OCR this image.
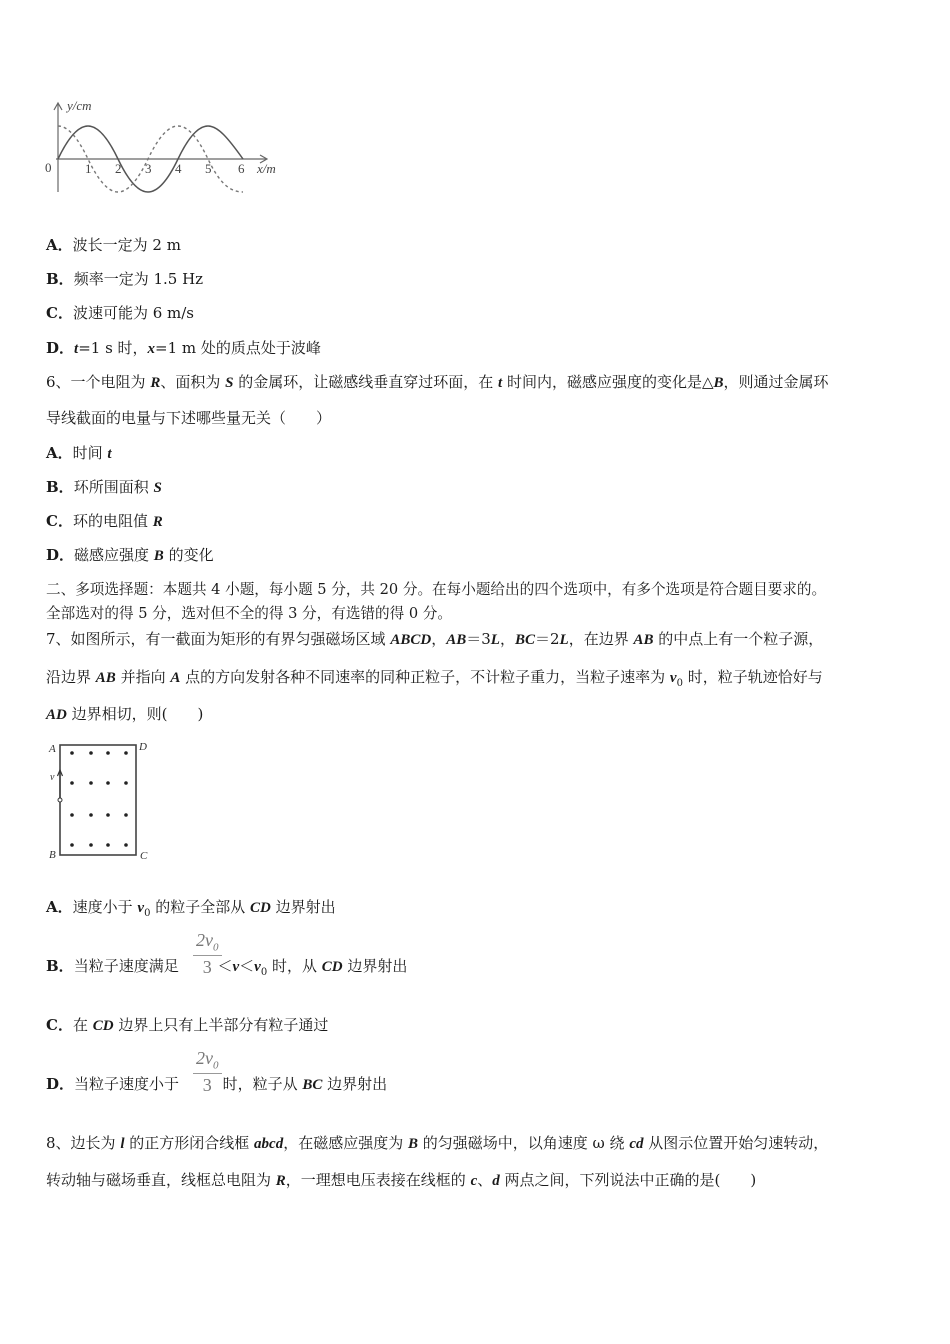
y/cm
0	1 2 3 4 5 6 x/m
A．波长一定为 2 m
B．频率一定为 1.5 Hz
C．波速可能为 6 m/s
D．t=1 s 时，x=1 m 处的质点处于波峰
6、一个电阻为 R、面积为 S 的金属环，让磁感线垂直穿过环面，在 t 时间内，磁感应强度的变化是△B，则通过金属环
导线截面的电量与下述哪些量无关（　　）
A．时间 t
B．环所围面积 S
C．环的电阻值 R
D．磁感应强度 B 的变化
二、多项选择题：本题共 4 小题，每小题 5 分，共 20 分。在每小题给出的四个选项中，有多个选项是符合题目要求的。
全部选对的得 5 分，选对但不全的得 3 分，有选错的得 0 分。
7、如图所示，有一截面为矩形的有界匀强磁场区域 ABCD，AB＝3L，BC＝2L，在边界 AB 的中点上有一个粒子源，
沿边界 AB 并指向 A 点的方向发射各种不同速率的同种正粒子，不计粒子重力，当粒子速率为 $v_0$ 时，粒子轨迹恰好与
AD 边界相切，则(　　)
A	D
B	C
v
A．速度小于 $v_0$ 的粒子全部从 CD 边界射出
$2v_0$
3
B．当粒子速度满足 $<v<v_0$ 时，从 CD 边界射出
C．在 CD 边界上只有上半部分有粒子通过
$2v_0$
3
D．当粒子速度小于  时，粒子从 BC 边界射出
8、边长为 l 的正方形闭合线框 abcd，在磁感应强度为 B 的匀强磁场中，以角速度 ω 绕 cd 从图示位置开始匀速转动，
转动轴与磁场垂直，线框总电阻为 R，一理想电压表接在线框的 c、d 两点之间，下列说法中正确的是(　　)
